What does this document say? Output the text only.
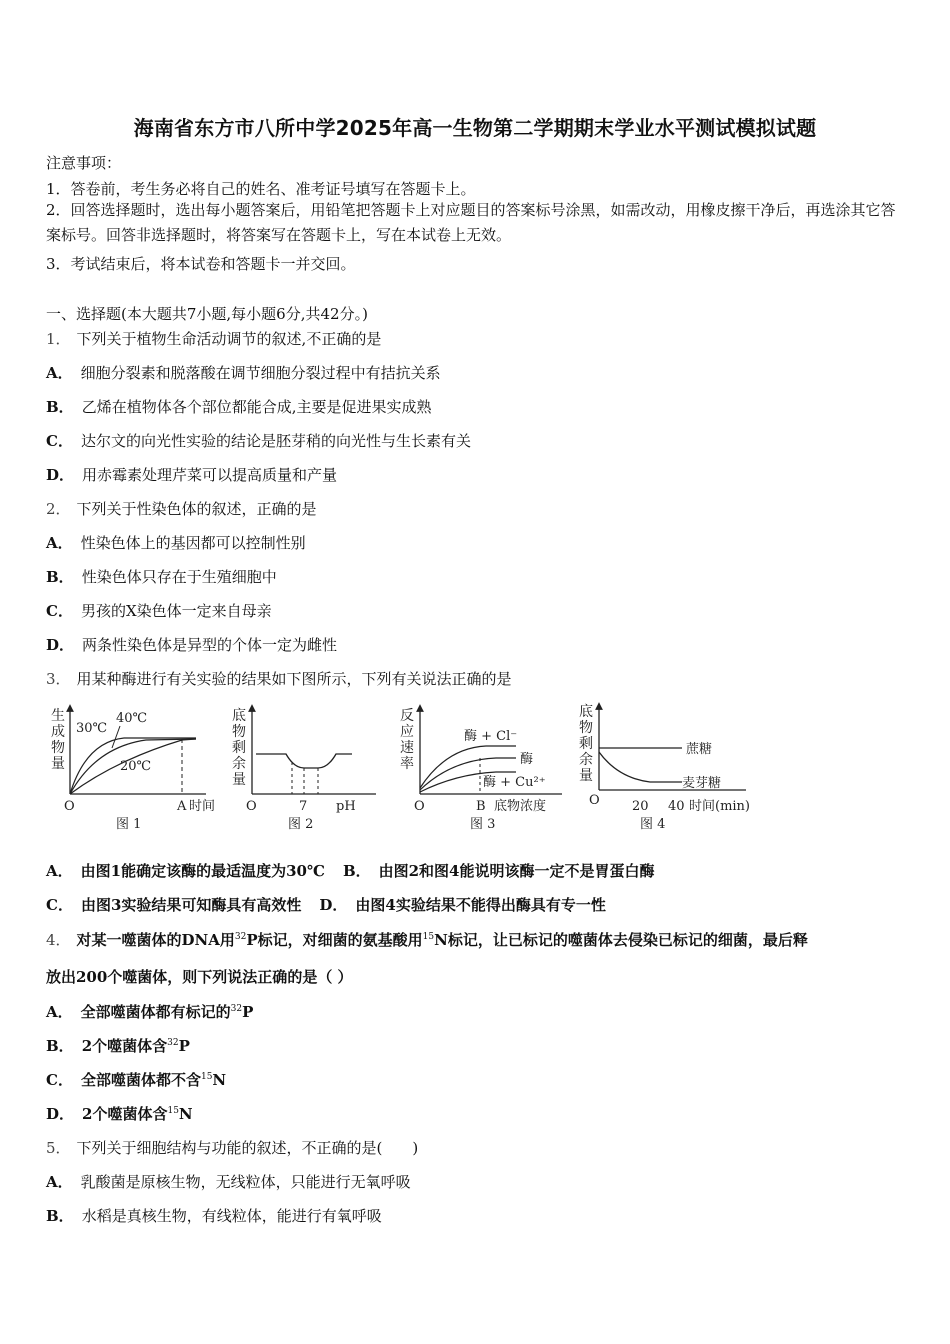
海南省东方市八所中学2025年高一生物第二学期期末学业水平测试模拟试题
注意事项：
1．答卷前，考生务必将自己的姓名、准考证号填写在答题卡上。
2．回答选择题时，选出每小题答案后，用铅笔把答题卡上对应题目的答案标号涂黑，如需改动，用橡皮擦干净后，再选涂其它答案标号。回答非选择题时，将答案写在答题卡上，写在本试卷上无效。
3．考试结束后，将本试卷和答题卡一并交回。
一、选择题(本大题共7小题,每小题6分,共42分。)
1． 下列关于植物生命活动调节的叙述,不正确的是
A． 细胞分裂素和脱落酸在调节细胞分裂过程中有拮抗关系
B． 乙烯在植物体各个部位都能合成,主要是促进果实成熟
C． 达尔文的向光性实验的结论是胚芽稍的向光性与生长素有关
D． 用赤霉素处理芹菜可以提高质量和产量
2． 下列关于性染色体的叙述，正确的是
A． 性染色体上的基因都可以控制性别
B． 性染色体只存在于生殖细胞中
C． 男孩的X染色体一定来自母亲
D． 两条性染色体是异型的个体一定为雌性
3． 用某种酶进行有关实验的结果如下图所示，下列有关说法正确的是
生
成
物
量
30℃
40℃
20℃
O	A 时间
图 1
底
物
剩
余
量
O	7 pH
图 2
反
应
速
率
酶 + Cl⁻
酶
酶 + Cu²⁺
O	B 底物浓度
图 3
底
物
剩
余
量
蔗糖
麦芽糖
O 20 40 时间(min)
图 4
A． 由图1能确定该酶的最适温度为30℃ B． 由图2和图4能说明该酶一定不是胃蛋白酶
C． 由图3实验结果可知酶具有高效性 D． 由图4实验结果不能得出酶具有专一性
4． 对某一噬菌体的DNA用$^{32}$P标记，对细菌的氨基酸用$^{15}$N标记，让已标记的噬菌体去侵染已标记的细菌，最后释
放出200个噬菌体，则下列说法正确的是（ ）
A． 全部噬菌体都有标记的$^{32}$P
B． 2个噬菌体含$^{32}$P
C． 全部噬菌体都不含$^{15}$N
D． 2个噬菌体含$^{15}$N
5． 下列关于细胞结构与功能的叙述，不正确的是(　　)
A． 乳酸菌是原核生物，无线粒体，只能进行无氧呼吸
B． 水稻是真核生物，有线粒体，能进行有氧呼吸
